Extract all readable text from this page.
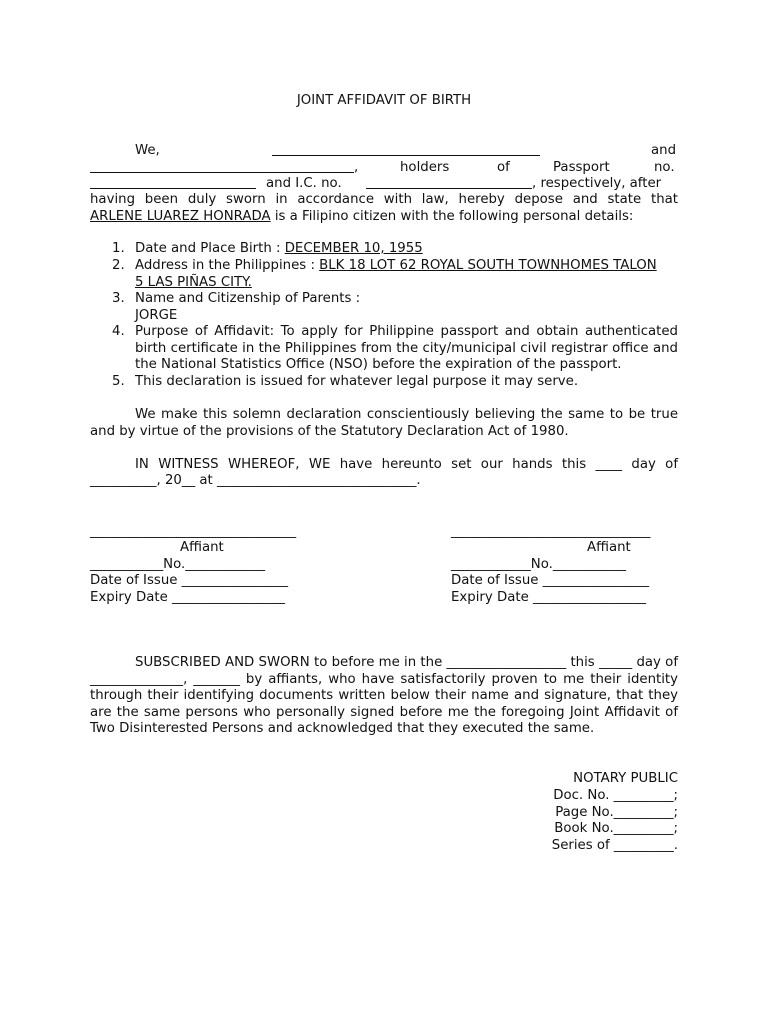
JOINT AFFIDAVIT OF BIRTH
We,	and
,	holders	of	Passport	no.
and I.C. no.	, respectively, after
having been duly sworn in accordance with law, hereby depose and state that
ARLENE LUAREZ HONRADA is a Filipino citizen with the following personal details:
1. Date and Place Birth : DECEMBER 10, 1955
2. Address in the Philippines : BLK 18 LOT 62 ROYAL SOUTH TOWNHOMES TALON
5 LAS PIÑAS CITY.
3. Name and Citizenship of Parents :
JORGE
4. Purpose of Affidavit: To apply for Philippine passport and obtain authenticated birth certificate in the Philippines from the city/municipal civil registrar office and the National Statistics Office (NSO) before the expiration of the passport.
5. This declaration is issued for whatever legal purpose it may serve.
We make this solemn declaration conscientiously believing the same to be true and by virtue of the provisions of the Statutory Declaration Act of 1980.
IN WITNESS WHEREOF, WE have hereunto set our hands this ____ day of
__________, 20__ at ______________________________.
_______________________________
Affiant
___________No.____________
Date of Issue ________________
Expiry Date _________________
______________________________
Affiant
____________No.___________
Date of Issue ________________
Expiry Date _________________
SUBSCRIBED AND SWORN to before me in the __________________ this _____ day of ______________, _______ by affiants, who have satisfactorily proven to me their identity through their identifying documents written below their name and signature, that they are the same persons who personally signed before me the foregoing Joint Affidavit of Two Disinterested Persons and acknowledged that they executed the same.
NOTARY PUBLIC
Doc. No. _________;
Page No._________;
Book No._________;
Series of _________.
